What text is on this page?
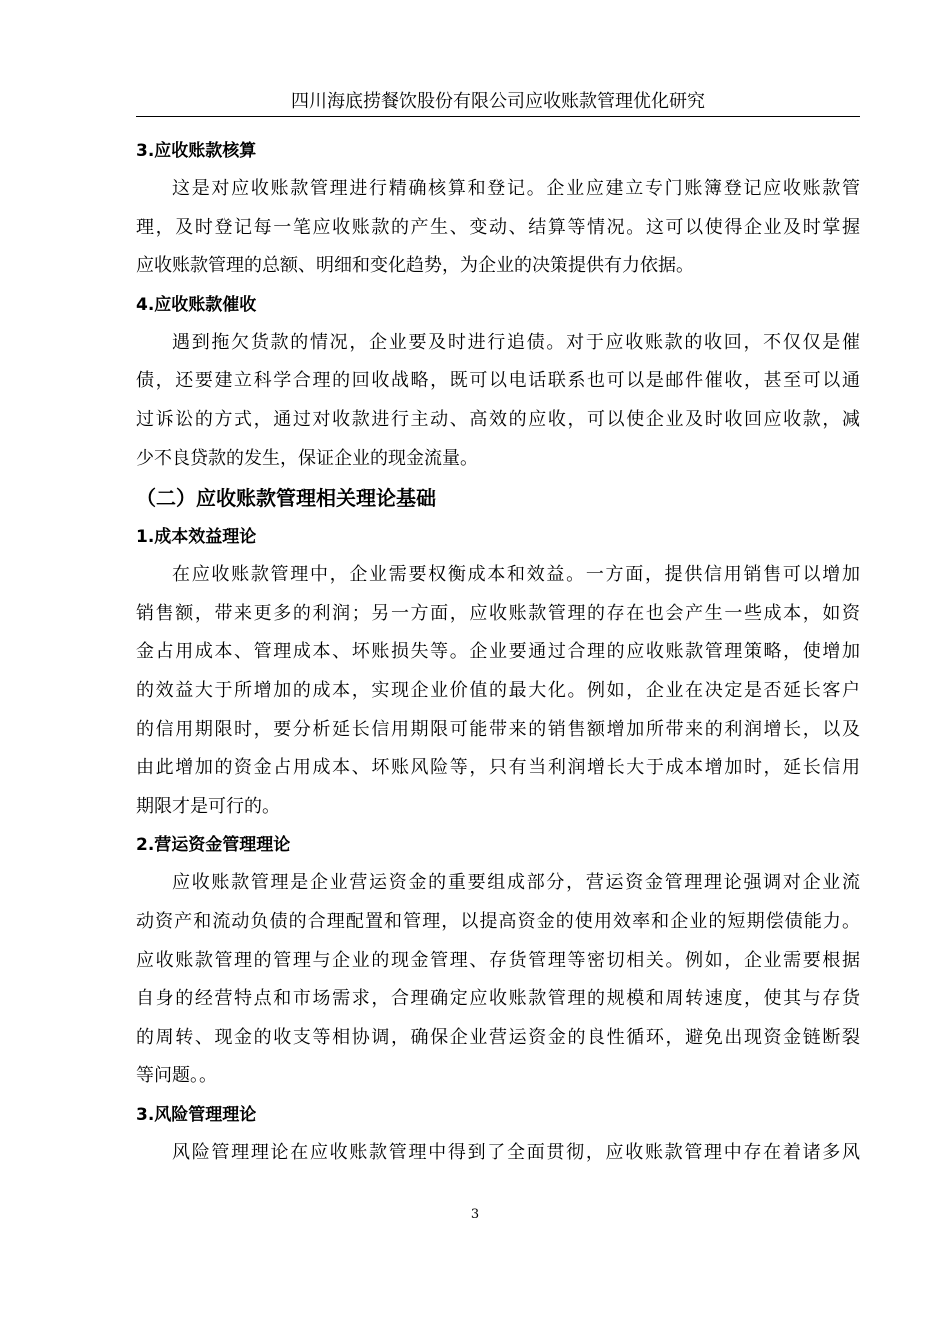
四川海底捞餐饮股份有限公司应收账款管理优化研究
3.应收账款核算
这是对应收账款管理进行精确核算和登记。企业应建立专门账簿登记应收账款管
理，及时登记每一笔应收账款的产生、变动、结算等情况。这可以使得企业及时掌握
应收账款管理的总额、明细和变化趋势，为企业的决策提供有力依据。
4.应收账款催收
遇到拖欠货款的情况，企业要及时进行追债。对于应收账款的收回，不仅仅是催
债，还要建立科学合理的回收战略，既可以电话联系也可以是邮件催收，甚至可以通
过诉讼的方式，通过对收款进行主动、高效的应收，可以使企业及时收回应收款，减
少不良贷款的发生，保证企业的现金流量。
（二）应收账款管理相关理论基础
1.成本效益理论
在应收账款管理中，企业需要权衡成本和效益。一方面，提供信用销售可以增加
销售额，带来更多的利润；另一方面，应收账款管理的存在也会产生一些成本，如资
金占用成本、管理成本、坏账损失等。企业要通过合理的应收账款管理策略，使增加
的效益大于所增加的成本，实现企业价值的最大化。例如，企业在决定是否延长客户
的信用期限时，要分析延长信用期限可能带来的销售额增加所带来的利润增长，以及
由此增加的资金占用成本、坏账风险等，只有当利润增长大于成本增加时，延长信用
期限才是可行的。
2.营运资金管理理论
应收账款管理是企业营运资金的重要组成部分，营运资金管理理论强调对企业流
动资产和流动负债的合理配置和管理，以提高资金的使用效率和企业的短期偿债能力。
应收账款管理的管理与企业的现金管理、存货管理等密切相关。例如，企业需要根据
自身的经营特点和市场需求，合理确定应收账款管理的规模和周转速度，使其与存货
的周转、现金的收支等相协调，确保企业营运资金的良性循环，避免出现资金链断裂
等问题。。
3.风险管理理论
风险管理理论在应收账款管理中得到了全面贯彻，应收账款管理中存在着诸多风
3
